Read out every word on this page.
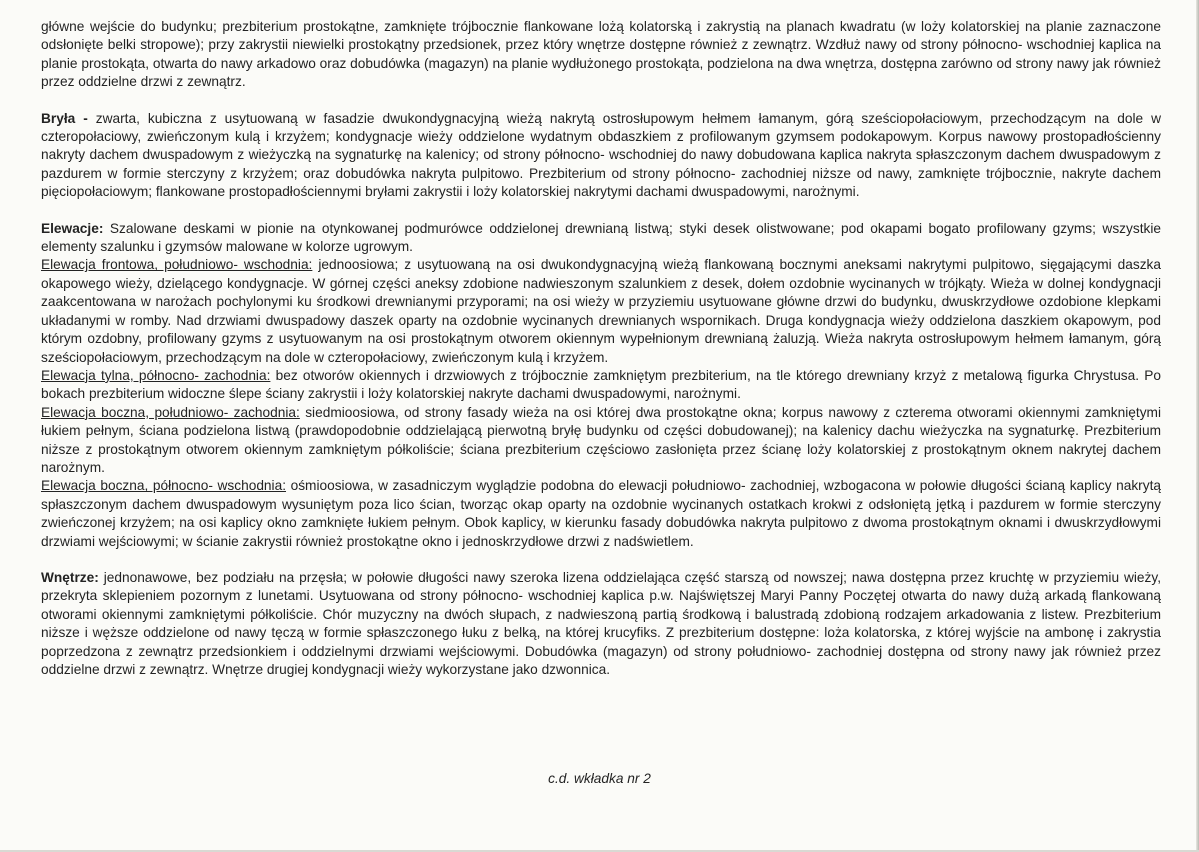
główne wejście do budynku; prezbiterium prostokątne, zamknięte trójbocznie flankowane lożą kolatorską i zakrystią na planach kwadratu (w loży kolatorskiej na planie zaznaczone odsłonięte belki stropowe); przy zakrystii niewielki prostokątny przedsionek, przez który wnętrze dostępne również z zewnątrz. Wzdłuż nawy od strony północno- wschodniej kaplica na planie prostokąta, otwarta do nawy arkadowo oraz dobudówka (magazyn) na planie wydłużonego prostokąta, podzielona na dwa wnętrza, dostępna zarówno od strony nawy jak również przez oddzielne drzwi z zewnątrz.

Bryła - zwarta, kubiczna z usytuowaną w fasadzie dwukondygnacyjną wieżą nakrytą ostrosłupowym hełmem łamanym, górą sześciopołaciowym, przechodzącym na dole w czteropołaciowy, zwieńczonym kulą i krzyżem; kondygnacje wieży oddzielone wydatnym obdaszkiem z profilowanym gzymsem podokapowym. Korpus nawowy prostopadłościenny nakryty dachem dwuspadowym z wieżyczką na sygnaturkę na kalenicy; od strony północno- wschodniej do nawy dobudowana kaplica nakryta spłaszczonym dachem dwuspadowym z pazdurem w formie sterczyny z krzyżem; oraz dobudówka nakryta pulpitowo. Prezbiterium od strony północno- zachodniej niższe od nawy, zamknięte trójbocznie, nakryte dachem pięciopołaciowym; flankowane prostopadłościennymi bryłami zakrystii i loży kolatorskiej nakrytymi dachami dwuspadowymi, narożnymi.

Elewacje: Szalowane deskami w pionie na otynkowanej podmurówce oddzielonej drewnianą listwą; styki desek olistwowane; pod okapami bogato profilowany gzyms; wszystkie elementy szalunku i gzymsów malowane w kolorze ugrowym.

Elewacja frontowa, południowo- wschodnia: jednoosiowa; z usytuowaną na osi dwukondygnacyjną wieżą flankowaną bocznymi aneksami nakrytymi pulpitowo, sięgającymi daszka okapowego wieży, dzielącego kondygnacje. W górnej części aneksy zdobione nadwieszonym szalunkiem z desek, dołem ozdobnie wycinanych w trójkąty. Wieża w dolnej kondygnacji zaakcentowana w narożach pochylonymi ku środkowi drewnianymi przyporami; na osi wieży w przyziemiu usytuowane główne drzwi do budynku, dwuskrzydłowe ozdobione klepkami układanymi w romby. Nad drzwiami dwuspadowy daszek oparty na ozdobnie wycinanych drewnianych wspornikach. Druga kondygnacja wieży oddzielona daszkiem okapowym, pod którym ozdobny, profilowany gzyms z usytuowanym na osi prostokątnym otworem okiennym wypełnionym drewnianą żaluzją. Wieża nakryta ostrosłupowym hełmem łamanym, górą sześciopołaciowym, przechodzącym na dole w czteropołaciowy, zwieńczonym kulą i krzyżem.

Elewacja tylna, północno- zachodnia: bez otworów okiennych i drzwiowych z trójbocznie zamkniętym prezbiterium, na tle którego drewniany krzyż z metalową figurka Chrystusa. Po bokach prezbiterium widoczne ślepe ściany zakrystii i loży kolatorskiej nakryte dachami dwuspadowymi, narożnymi.

Elewacja boczna, południowo- zachodnia: siedmioosiowa, od strony fasady wieża na osi której dwa prostokątne okna; korpus nawowy z czterema otworami okiennymi zamkniętymi łukiem pełnym, ściana podzielona listwą (prawdopodobnie oddzielającą pierwotną bryłę budynku od części dobudowanej); na kalenicy dachu wieżyczka na sygnaturkę. Prezbiterium niższe z prostokątnym otworem okiennym zamkniętym półkoliście; ściana prezbiterium częściowo zasłonięta przez ścianę loży kolatorskiej z prostokątnym oknem nakrytej dachem narożnym.

Elewacja boczna, północno- wschodnia: ośmioosiowa, w zasadniczym wyglądzie podobna do elewacji południowo- zachodniej, wzbogacona w połowie długości ścianą kaplicy nakrytą spłaszczonym dachem dwuspadowym wysuniętym poza lico ścian, tworząc okap oparty na ozdobnie wycinanych ostatkach krokwi z odsłoniętą jętką i pazdurem w formie sterczyny zwieńczonej krzyżem; na osi kaplicy okno zamknięte łukiem pełnym. Obok kaplicy, w kierunku fasady dobudówka nakryta pulpitowo z dwoma prostokątnym oknami i dwuskrzydłowymi drzwiami wejściowymi; w ścianie zakrystii również prostokątne okno i jednoskrzydłowe drzwi z nadświetlem.

Wnętrze: jednonawowe, bez podziału na przęsła; w połowie długości nawy szeroka lizena oddzielająca część starszą od nowszej; nawa dostępna przez kruchtę w przyziemiu wieży, przekryta sklepieniem pozornym z lunetami. Usytuowana od strony północno- wschodniej kaplica p.w. Najświętszej Maryi Panny Poczętej otwarta do nawy dużą arkadą flankowaną otworami okiennymi zamkniętymi półkoliście. Chór muzyczny na dwóch słupach, z nadwieszoną partią środkową i balustradą zdobioną rodzajem arkadowania z listew. Prezbiterium niższe i węższe oddzielone od nawy tęczą w formie spłaszczonego łuku z belką, na której krucyfiks. Z prezbiterium dostępne: loża kolatorska, z której wyjście na ambonę i zakrystia poprzedzona z zewnątrz przedsionkiem i oddzielnymi drzwiami wejściowymi. Dobudówka (magazyn) od strony południowo- zachodniej dostępna od strony nawy jak również przez oddzielne drzwi z zewnątrz. Wnętrze drugiej kondygnacji wieży wykorzystane jako dzwonnica.

c.d. wkładka nr 2
